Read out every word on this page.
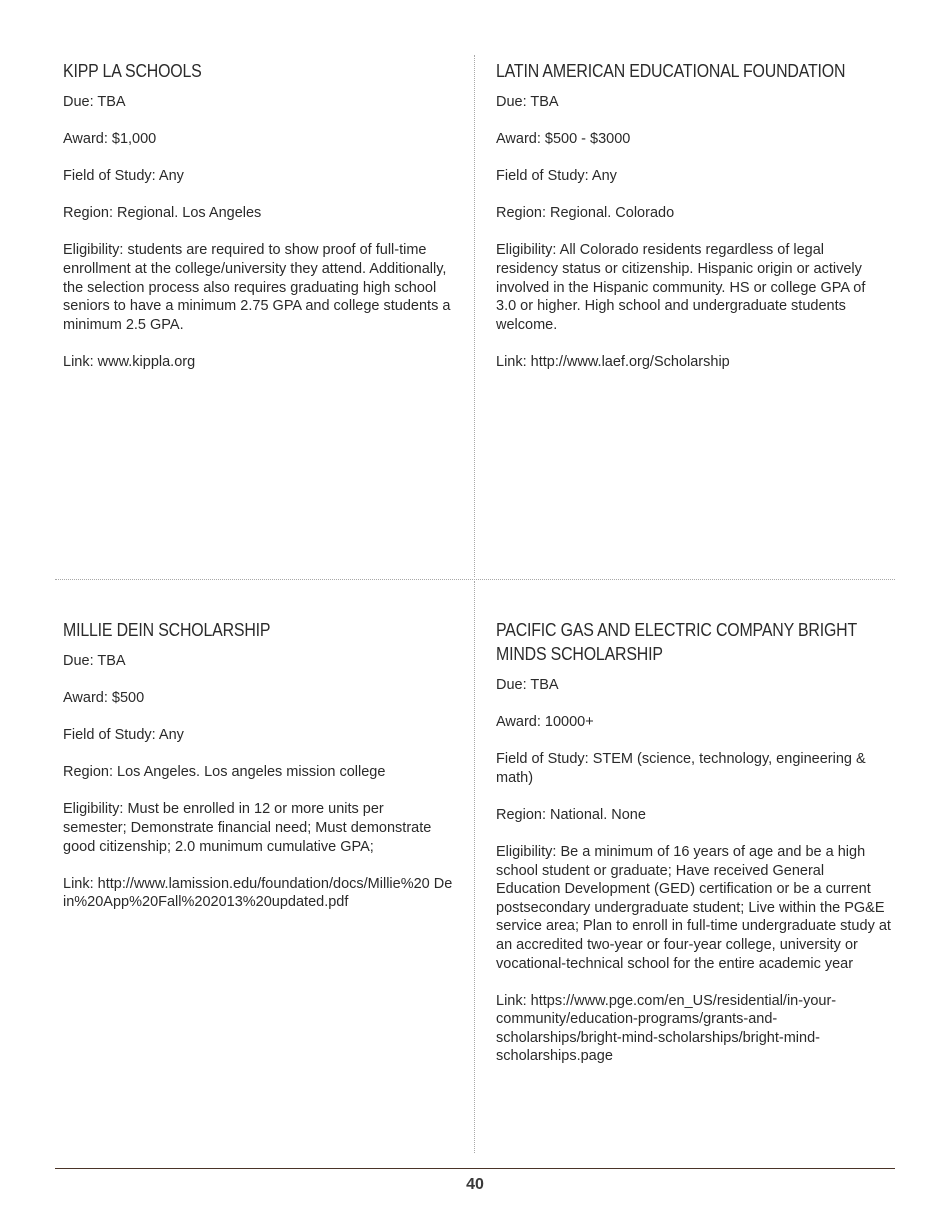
KIPP LA SCHOOLS

Due: TBA

Award: $1,000

Field of Study: Any

Region: Regional. Los Angeles

Eligibility: students are required to show proof of full-time enrollment at the college/university they attend. Additionally, the selection process also requires graduating high school seniors to have a minimum 2.75 GPA and college students a minimum 2.5 GPA.

Link: www.kippla.org

LATIN AMERICAN EDUCATIONAL FOUNDATION

Due: TBA

Award: $500 - $3000

Field of Study: Any

Region: Regional. Colorado

Eligibility: All Colorado residents regardless of legal residency status or citizenship. Hispanic origin or actively involved in the Hispanic community. HS or college GPA of 3.0 or higher. High school and undergraduate students welcome.

Link: http://www.laef.org/Scholarship

MILLIE DEIN SCHOLARSHIP

Due: TBA

Award: $500

Field of Study: Any

Region: Los Angeles. Los angeles mission college

Eligibility: Must be enrolled in 12 or more units per semester; Demonstrate financial need; Must demonstrate good citizenship; 2.0 munimum cumulative GPA;

Link: http://www.lamission.edu/foundation/docs/Millie%20 Dein%20App%20Fall%202013%20updated.pdf

PACIFIC GAS AND ELECTRIC COMPANY BRIGHT MINDS SCHOLARSHIP

Due: TBA

Award: 10000+

Field of Study: STEM (science, technology, engineering & math)

Region: National. None

Eligibility: Be a minimum of 16 years of age and be a high school student or graduate; Have received General Education Development (GED) certification or be a current postsecondary undergraduate student; Live within the PG&E service area; Plan to enroll in full-time undergraduate study at an accredited two-year or four-year college, university or vocational-technical school for the entire academic year

Link: https://www.pge.com/en_US/residential/in-your-community/education-programs/grants-and-scholarships/bright-mind-scholarships/bright-mind-scholarships.page

40
